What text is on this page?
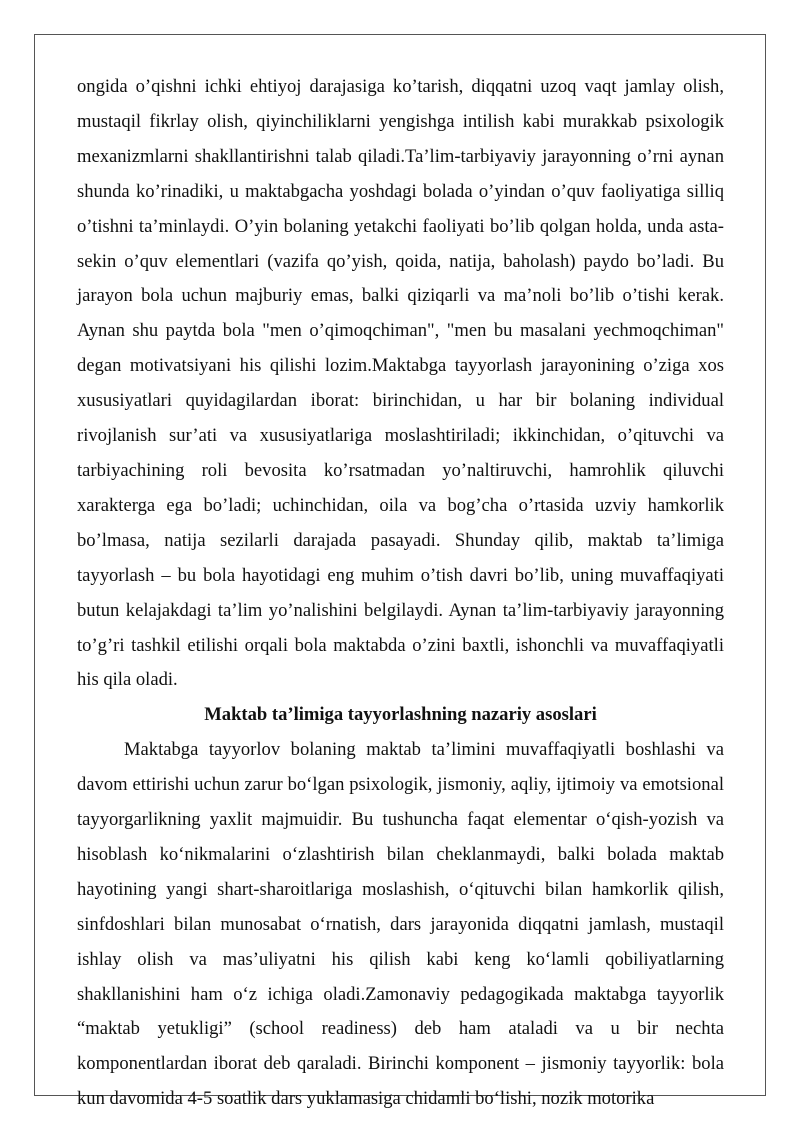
ongida o’qishni ichki ehtiyoj darajasiga ko’tarish, diqqatni uzoq vaqt jamlay olish, mustaqil fikrlay olish, qiyinchiliklarni yengishga intilish kabi murakkab psixologik mexanizmlarni shakllantirishni talab qiladi.Ta’lim-tarbiyaviy jarayonning o’rni aynan shunda ko’rinadiki, u maktabgacha yoshdagi bolada o’yindan o’quv faoliyatiga silliq o’tishni ta’minlaydi. O’yin bolaning yetakchi faoliyati bo’lib qolgan holda, unda asta-sekin o’quv elementlari (vazifa qo’yish, qoida, natija, baholash) paydo bo’ladi. Bu jarayon bola uchun majburiy emas, balki qiziqarli va ma’noli bo’lib o’tishi kerak. Aynan shu paytda bola "men o’qimoqchiman", "men bu masalani yechmoqchiman" degan motivatsiyani his qilishi lozim.Maktabga tayyorlash jarayonining o’ziga xos xususiyatlari quyidagilardan iborat: birinchidan, u har bir bolaning individual rivojlanish sur’ati va xususiyatlariga moslashtiriladi; ikkinchidan, o’qituvchi va tarbiyachining roli bevosita ko’rsatmadan yo’naltiruvchi, hamrohlik qiluvchi xarakterga ega bo’ladi; uchinchidan, oila va bog’cha o’rtasida uzviy hamkorlik bo’lmasa, natija sezilarli darajada pasayadi. Shunday qilib, maktab ta’limiga tayyorlash – bu bola hayotidagi eng muhim o’tish davri bo’lib, uning muvaffaqiyati butun kelajakdagi ta’lim yo’nalishini belgilaydi. Aynan ta’lim-tarbiyaviy jarayonning to’g’ri tashkil etilishi orqali bola maktabda o’zini baxtli, ishonchli va muvaffaqiyatli his qila oladi.

Maktab ta’limiga tayyorlashning nazariy asoslari

Maktabga tayyorlov bolaning maktab ta’limini muvaffaqiyatli boshlashi va davom ettirishi uchun zarur bo‘lgan psixologik, jismoniy, aqliy, ijtimoiy va emotsional tayyorgarlikning yaxlit majmuidir. Bu tushuncha faqat elementar o‘qish-yozish va hisoblash ko‘nikmalarini o‘zlashtirish bilan cheklanmaydi, balki bolada maktab hayotining yangi shart-sharoitlariga moslashish, o‘qituvchi bilan hamkorlik qilish, sinfdoshlari bilan munosabat o‘rnatish, dars jarayonida diqqatni jamlash, mustaqil ishlay olish va mas’uliyatni his qilish kabi keng ko‘lamli qobiliyatlarning shakllanishini ham o‘z ichiga oladi.Zamonaviy pedagogikada maktabga tayyorlik “maktab yetukligi” (school readiness) deb ham ataladi va u bir nechta komponentlardan iborat deb qaraladi. Birinchi komponent – jismoniy tayyorlik: bola kun davomida 4-5 soatlik dars yuklamasiga chidamli bo‘lishi, nozik motorika
